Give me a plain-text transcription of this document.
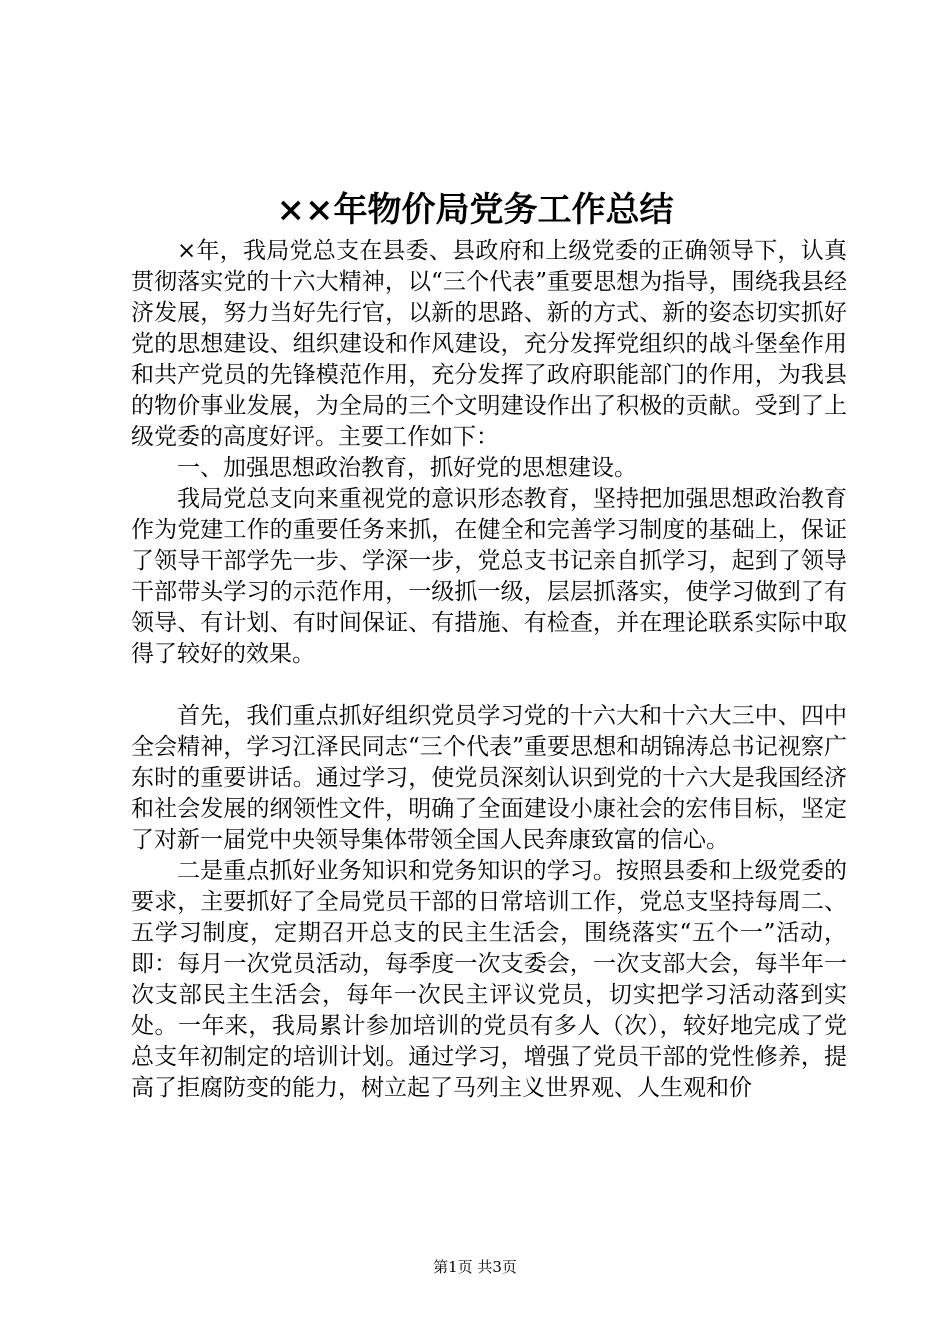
××年物价局党务工作总结

×年，我局党总支在县委、县政府和上级党委的正确领导下，认真贯彻落实党的十六大精神，以“三个代表”重要思想为指导，围绕我县经济发展，努力当好先行官，以新的思路、新的方式、新的姿态切实抓好党的思想建设、组织建设和作风建设，充分发挥党组织的战斗堡垒作用和共产党员的先锋模范作用，充分发挥了政府职能部门的作用，为我县的物价事业发展，为全局的三个文明建设作出了积极的贡献。受到了上级党委的高度好评。主要工作如下：

一、加强思想政治教育，抓好党的思想建设。

我局党总支向来重视党的意识形态教育，坚持把加强思想政治教育作为党建工作的重要任务来抓，在健全和完善学习制度的基础上，保证了领导干部学先一步、学深一步，党总支书记亲自抓学习，起到了领导干部带头学习的示范作用，一级抓一级，层层抓落实，使学习做到了有领导、有计划、有时间保证、有措施、有检查，并在理论联系实际中取得了较好的效果。

首先，我们重点抓好组织党员学习党的十六大和十六大三中、四中全会精神，学习江泽民同志“三个代表”重要思想和胡锦涛总书记视察广东时的重要讲话。通过学习，使党员深刻认识到党的十六大是我国经济和社会发展的纲领性文件，明确了全面建设小康社会的宏伟目标，坚定了对新一届党中央领导集体带领全国人民奔康致富的信心。

二是重点抓好业务知识和党务知识的学习。按照县委和上级党委的要求，主要抓好了全局党员干部的日常培训工作，党总支坚持每周二、五学习制度，定期召开总支的民主生活会，围绕落实“五个一”活动，即：每月一次党员活动，每季度一次支委会，一次支部大会，每半年一次支部民主生活会，每年一次民主评议党员，切实把学习活动落到实处。一年来，我局累计参加培训的党员有多人（次），较好地完成了党总支年初制定的培训计划。通过学习，增强了党员干部的党性修养，提高了拒腐防变的能力，树立起了马列主义世界观、人生观和价

第1页 共3页
